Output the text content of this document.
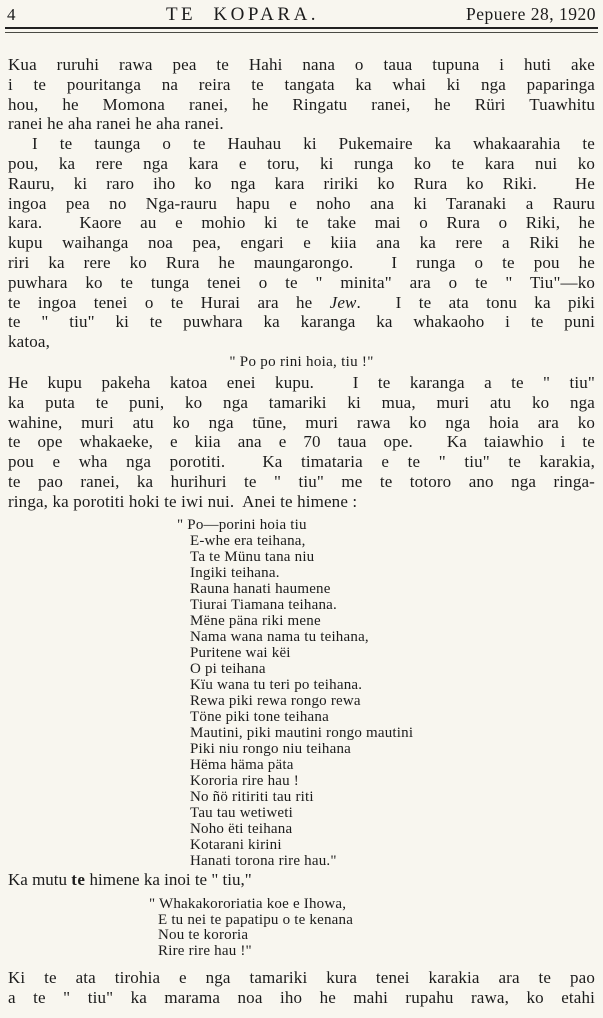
4	TE KOPARA.	Pepuere 28, 1920
Kua ruruhi rawa pea te Hahi nana o taua tupuna i huti ake
i te pouritanga na reira te tangata ka whai ki nga paparinga
hou, he Momona ranei, he Ringatu ranei, he Rüri Tuawhitu
ranei he aha ranei he aha ranei.
I te taunga o te Hauhau ki Pukemaire ka whakaarahia te
pou, ka rere nga kara e toru, ki runga ko te kara nui ko
Rauru, ki raro iho ko nga kara ririki ko Rura ko Riki.  He
ingoa pea no Nga-rauru hapu e noho ana ki Taranaki a Rauru
kara.  Kaore au e mohio ki te take mai o Rura o Riki, he
kupu waihanga noa pea, engari e kiia ana ka rere a Riki he
riri ka rere ko Rura he maungarongo.  I runga o te pou he
puwhara ko te tunga tenei o te " minita" ara o te " Tiu"—ko
te ingoa tenei o te Hurai ara he Jew.  I te ata tonu ka piki
te " tiu" ki te puwhara ka karanga ka whakaoho i te puni
katoa,
" Po po rini hoia, tiu !"
He kupu pakeha katoa enei kupu.  I te karanga a te " tiu"
ka puta te puni, ko nga tamariki ki mua, muri atu ko nga
wahine, muri atu ko nga tūne, muri rawa ko nga hoia ara ko
te ope whakaeke, e kiia ana e 70 taua ope.  Ka taiawhio i te
pou e wha nga porotiti.  Ka timataria e te " tiu" te karakia,
te pao ranei, ka hurihuri te " tiu" me te totoro ano nga ringa-
ringa, ka porotiti hoki te iwi nui.  Anei te himene :
" Po—porini hoia tiu
E-whe era teihana,
Ta te Münu tana niu
Ingiki teihana.
Rauna hanati haumene
Tiurai Tiamana teihana.
Mëne päna riki mene
Nama wana nama tu teihana,
Puritene wai këi
O pi teihana
Kïu wana tu teri po teihana.
Rewa piki rewa rongo rewa
Töne piki tone teihana
Mautini, piki mautini rongo mautini
Piki niu rongo niu teihana
Hëma häma päta
Kororia rire hau !
No ñö ritiriti tau riti
Tau tau wetiweti
Noho ëti teihana
Kotarani kirini
Hanati torona rire hau."
Ka mutu te himene ka inoi te " tiu,"
" Whakakororiatia koe e Ihowa,
E tu nei te papatipu o te kenana
Nou te kororia
Rire rire hau !"
Ki te ata tirohia e nga tamariki kura tenei karakia ara te pao
a te " tiu" ka marama noa iho he mahi rupahu rawa, ko etahi
